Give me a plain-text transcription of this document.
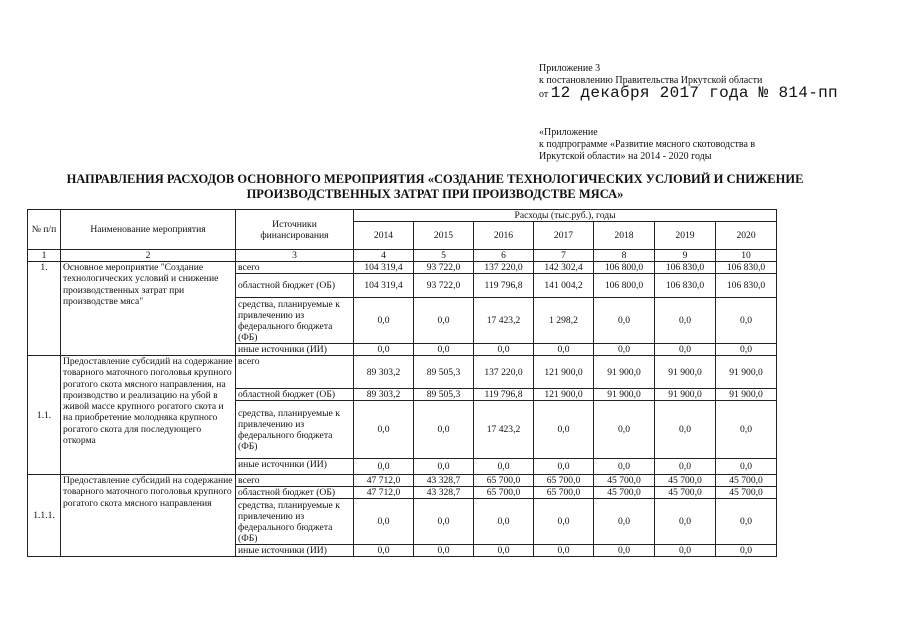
Приложение 3
к постановлению Правительства Иркутской области
от 12 декабря 2017 года № 814-пп
«Приложение
к подпрограмме «Развитие мясного скотоводства в
Иркутской области» на 2014 - 2020 годы
НАПРАВЛЕНИЯ РАСХОДОВ ОСНОВНОГО МЕРОПРИЯТИЯ «СОЗДАНИЕ ТЕХНОЛОГИЧЕСКИХ УСЛОВИЙ И СНИЖЕНИЕ
ПРОИЗВОДСТВЕННЫХ ЗАТРАТ ПРИ ПРОИЗВОДСТВЕ МЯСА»
№ п/п	Наименование мероприятия	Источники финансирования	Расходы (тыс.руб.), годы						
			2014	2015	2016	2017	2018	2019	2020
1	2	3	4	5	6	7	8	9	10
1.	Основное мероприятие "Создание технологических условий и снижение производственных затрат при производстве мяса"	всего	104 319,4	93 722,0	137 220,0	142 302,4	106 800,0	106 830,0	106 830,0
		областной бюджет (ОБ)	104 319,4	93 722,0	119 796,8	141 004,2	106 800,0	106 830,0	106 830,0
		средства, планируемые к привлечению из федерального бюджета (ФБ)	0,0	0,0	17 423,2	1 298,2	0,0	0,0	0,0
		иные источники (ИИ)	0,0	0,0	0,0	0,0	0,0	0,0	0,0
1.1.	Предоставление субсидий на содержание товарного маточного поголовья крупного рогатого скота мясного направления, на производство и реализацию на убой в живой массе крупного рогатого скота и на приобретение молодняка крупного рогатого скота для последующего откорма	всего	89 303,2	89 505,3	137 220,0	121 900,0	91 900,0	91 900,0	91 900,0
		областной бюджет (ОБ)	89 303,2	89 505,3	119 796,8	121 900,0	91 900,0	91 900,0	91 900,0
		средства, планируемые к привлечению из федерального бюджета (ФБ)	0,0	0,0	17 423,2	0,0	0,0	0,0	0,0
		иные источники (ИИ)	0,0	0,0	0,0	0,0	0,0	0,0	0,0
1.1.1.	Предоставление субсидий на содержание товарного маточного поголовья крупного рогатого скота мясного направления	всего	47 712,0	43 328,7	65 700,0	65 700,0	45 700,0	45 700,0	45 700,0
		областной бюджет (ОБ)	47 712,0	43 328,7	65 700,0	65 700,0	45 700,0	45 700,0	45 700,0
		средства, планируемые к привлечению из федерального бюджета (ФБ)	0,0	0,0	0,0	0,0	0,0	0,0	0,0
		иные источники (ИИ)	0,0	0,0	0,0	0,0	0,0	0,0	0,0
